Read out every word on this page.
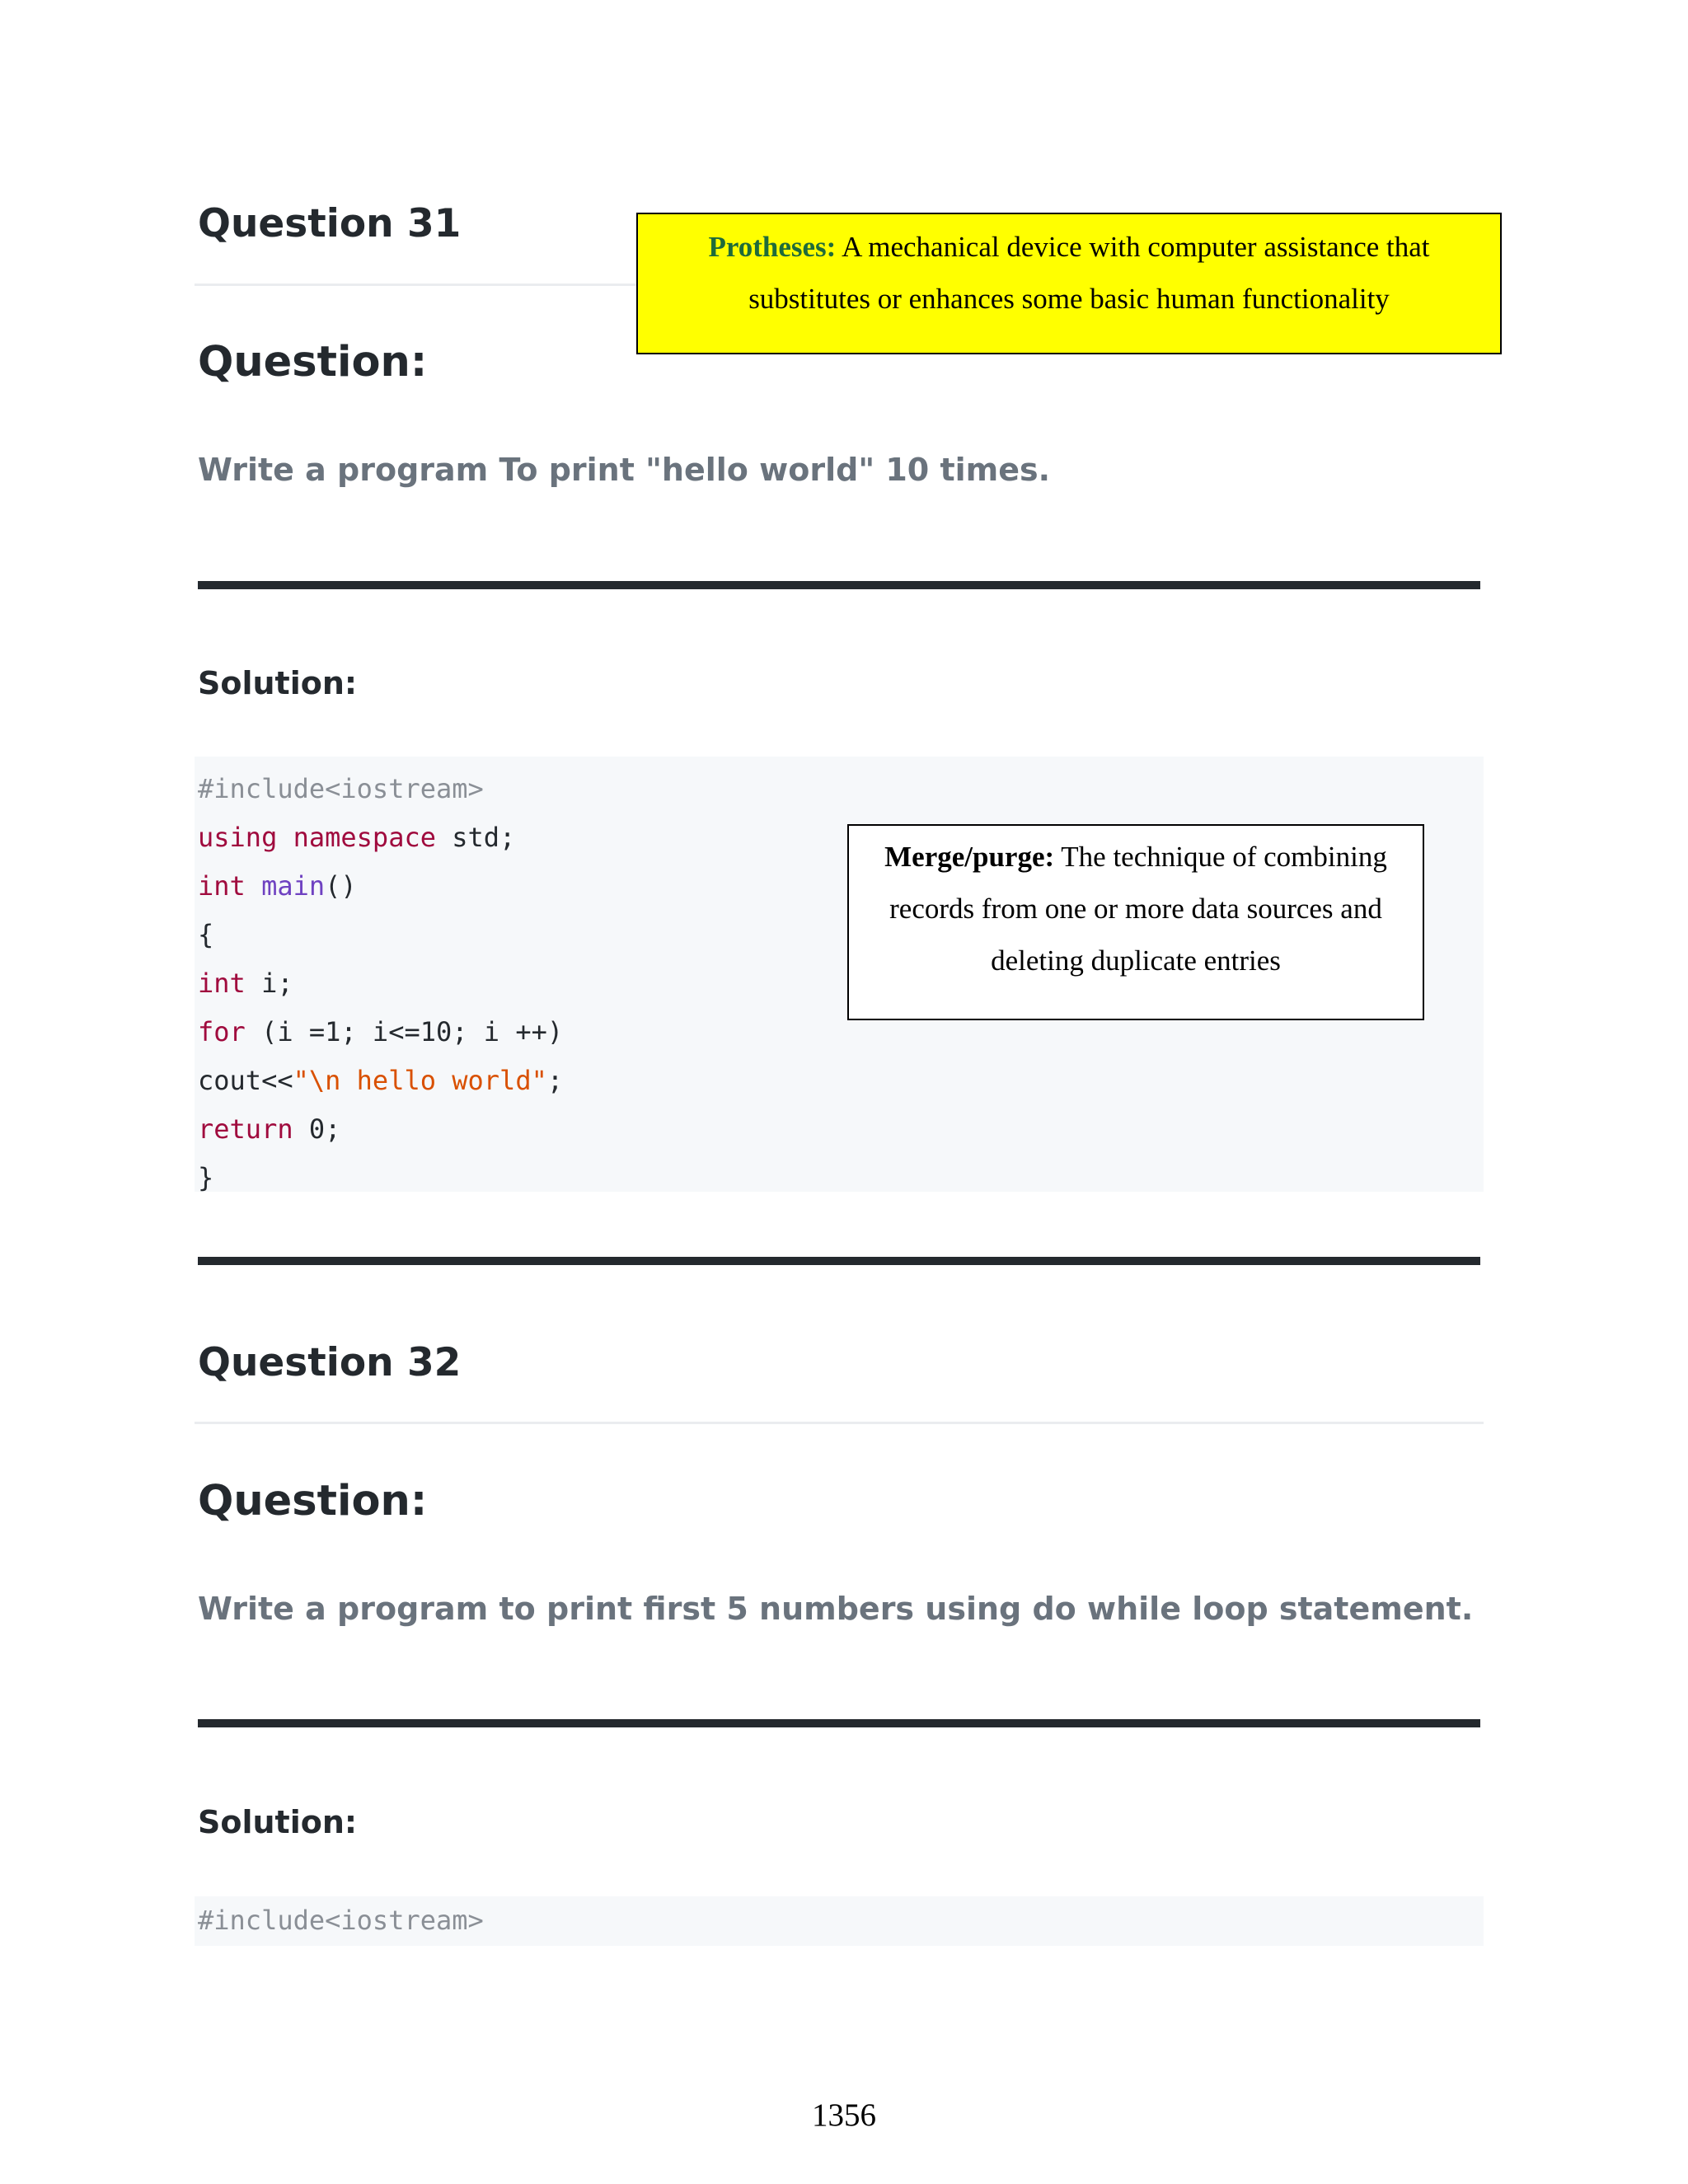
Question 31
Question:
Write a program To print "hello world" 10 times.
Solution:
#include<iostream>
using namespace std;
int main()
{
int i;
for (i =1; i<=10; i ++)
cout<<"\n hello world";
return 0;
}
Protheses: A mechanical device with computer assistance that
substitutes or enhances some basic human functionality
Merge/purge: The technique of combining
records from one or more data sources and
deleting duplicate entries
Question 32
Question:
Write a program to print first 5 numbers using do while loop statement.
Solution:
#include<iostream>
1356
